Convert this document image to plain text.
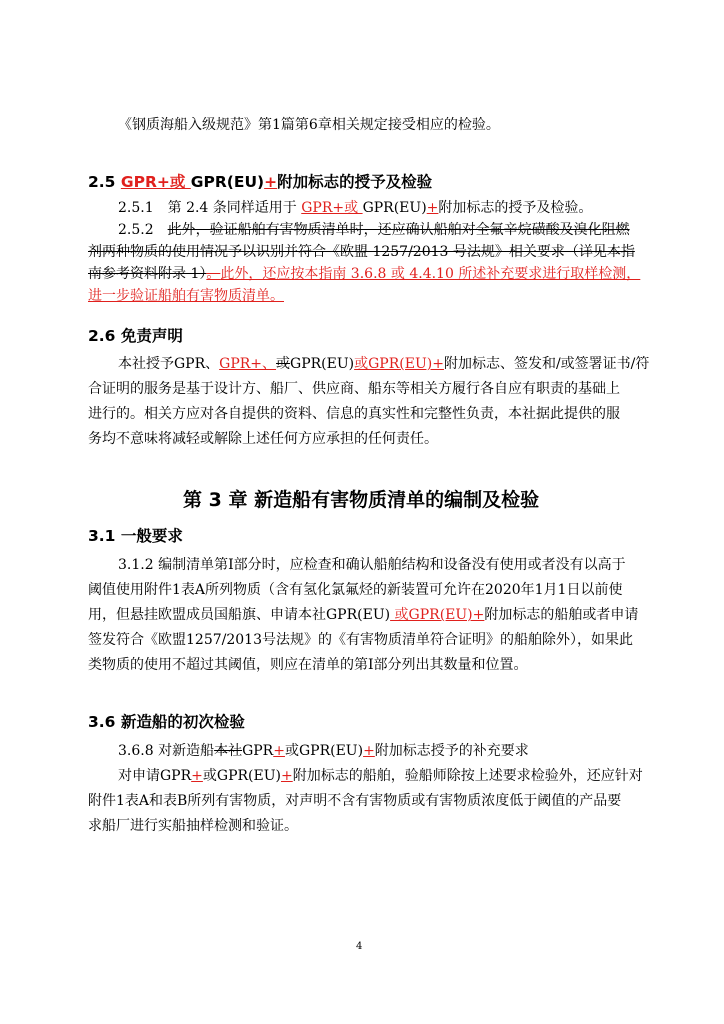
《钢质海船入级规范》第1篇第6章相关规定接受相应的检验。
2.5 GPR+或 GPR(EU)+附加标志的授予及检验
2.5.1　第 2.4 条同样适用于 GPR+或 GPR(EU)+附加标志的授予及检验。
2.5.2　此外，验证船舶有害物质清单时，还应确认船舶对全氟辛烷磺酸及溴化阻燃
剂两种物质的使用情况予以识别并符合《欧盟 1257/2013 号法规》相关要求（详见本指
南参考资料附录 1）。此外，还应按本指南 3.6.8 或 4.4.10 所述补充要求进行取样检测，
进一步验证船舶有害物质清单。
2.6 免责声明
本社授予GPR、GPR+、或GPR(EU)或GPR(EU)+附加标志、签发和/或签署证书/符
合证明的服务是基于设计方、船厂、供应商、船东等相关方履行各自应有职责的基础上
进行的。相关方应对各自提供的资料、信息的真实性和完整性负责，本社据此提供的服
务均不意味将减轻或解除上述任何方应承担的任何责任。
第 3 章 新造船有害物质清单的编制及检验
3.1 一般要求
3.1.2 编制清单第I部分时，应检查和确认船舶结构和设备没有使用或者没有以高于
阈值使用附件1表A所列物质（含有氢化氯氟烃的新装置可允许在2020年1月1日以前使
用，但悬挂欧盟成员国船旗、申请本社GPR(EU) 或GPR(EU)+附加标志的船舶或者申请
签发符合《欧盟1257/2013号法规》的《有害物质清单符合证明》的船舶除外），如果此
类物质的使用不超过其阈值，则应在清单的第I部分列出其数量和位置。
3.6 新造船的初次检验
3.6.8 对新造船本社GPR+或GPR(EU)+附加标志授予的补充要求
对申请GPR+或GPR(EU)+附加标志的船舶，验船师除按上述要求检验外，还应针对
附件1表A和表B所列有害物质，对声明不含有害物质或有害物质浓度低于阈值的产品要
求船厂进行实船抽样检测和验证。
4
